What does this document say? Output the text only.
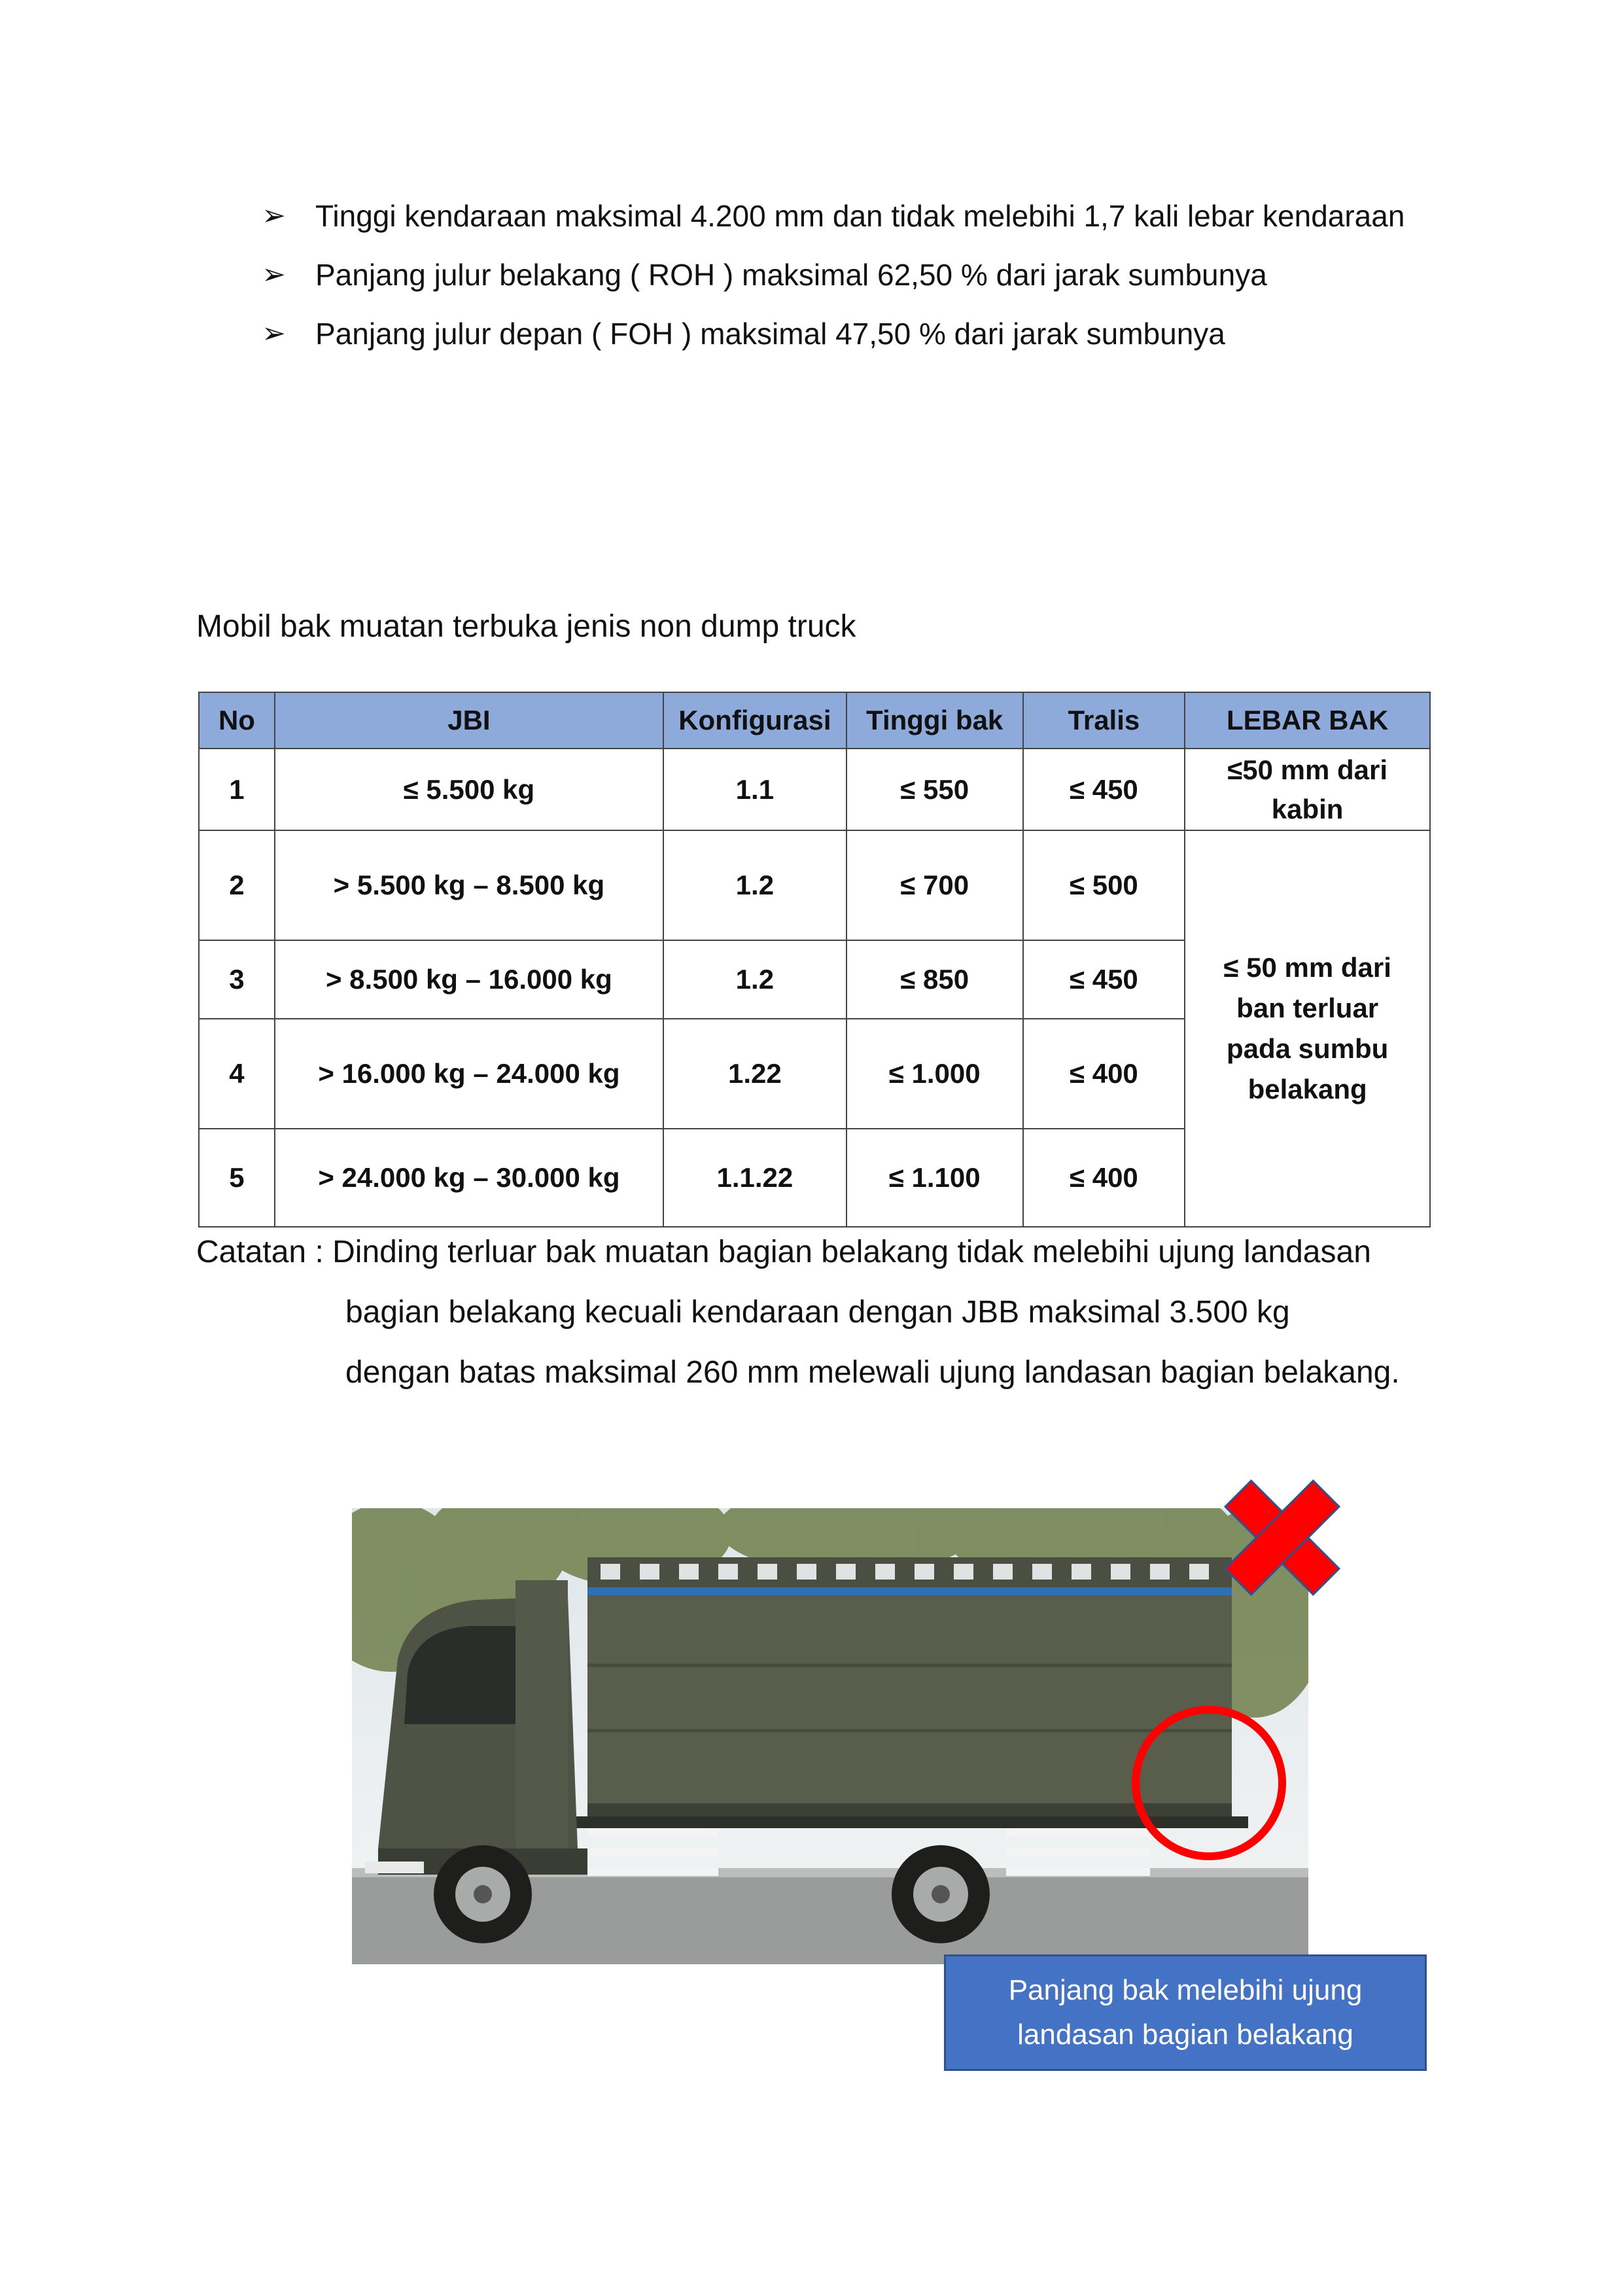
➢ Tinggi kendaraan maksimal 4.200 mm dan tidak melebihi 1,7 kali lebar kendaraan
➢ Panjang julur belakang ( ROH ) maksimal 62,50 % dari jarak sumbunya
➢ Panjang julur depan ( FOH ) maksimal 47,50 % dari jarak sumbunya
Mobil bak muatan terbuka jenis non dump truck
No	JBI	Konfigurasi	Tinggi bak	Tralis	LEBAR BAK
1	≤ 5.500 kg	1.1	≤ 550	≤ 450	≤50 mm dari kabin
2	> 5.500 kg – 8.500 kg	1.2	≤ 700	≤ 500	≤ 50 mm dari ban terluar pada sumbu belakang
3	> 8.500 kg – 16.000 kg	1.2	≤ 850	≤ 450	
4	> 16.000 kg – 24.000 kg	1.22	≤ 1.000	≤ 400	
5	> 24.000 kg – 30.000 kg	1.1.22	≤ 1.100	≤ 400	
Catatan : Dinding terluar bak muatan bagian belakang tidak melebihi ujung landasan
bagian belakang kecuali kendaraan dengan JBB maksimal 3.500 kg
dengan batas maksimal 260 mm melewali ujung landasan bagian belakang.
Panjang bak melebihi ujung
landasan bagian belakang
